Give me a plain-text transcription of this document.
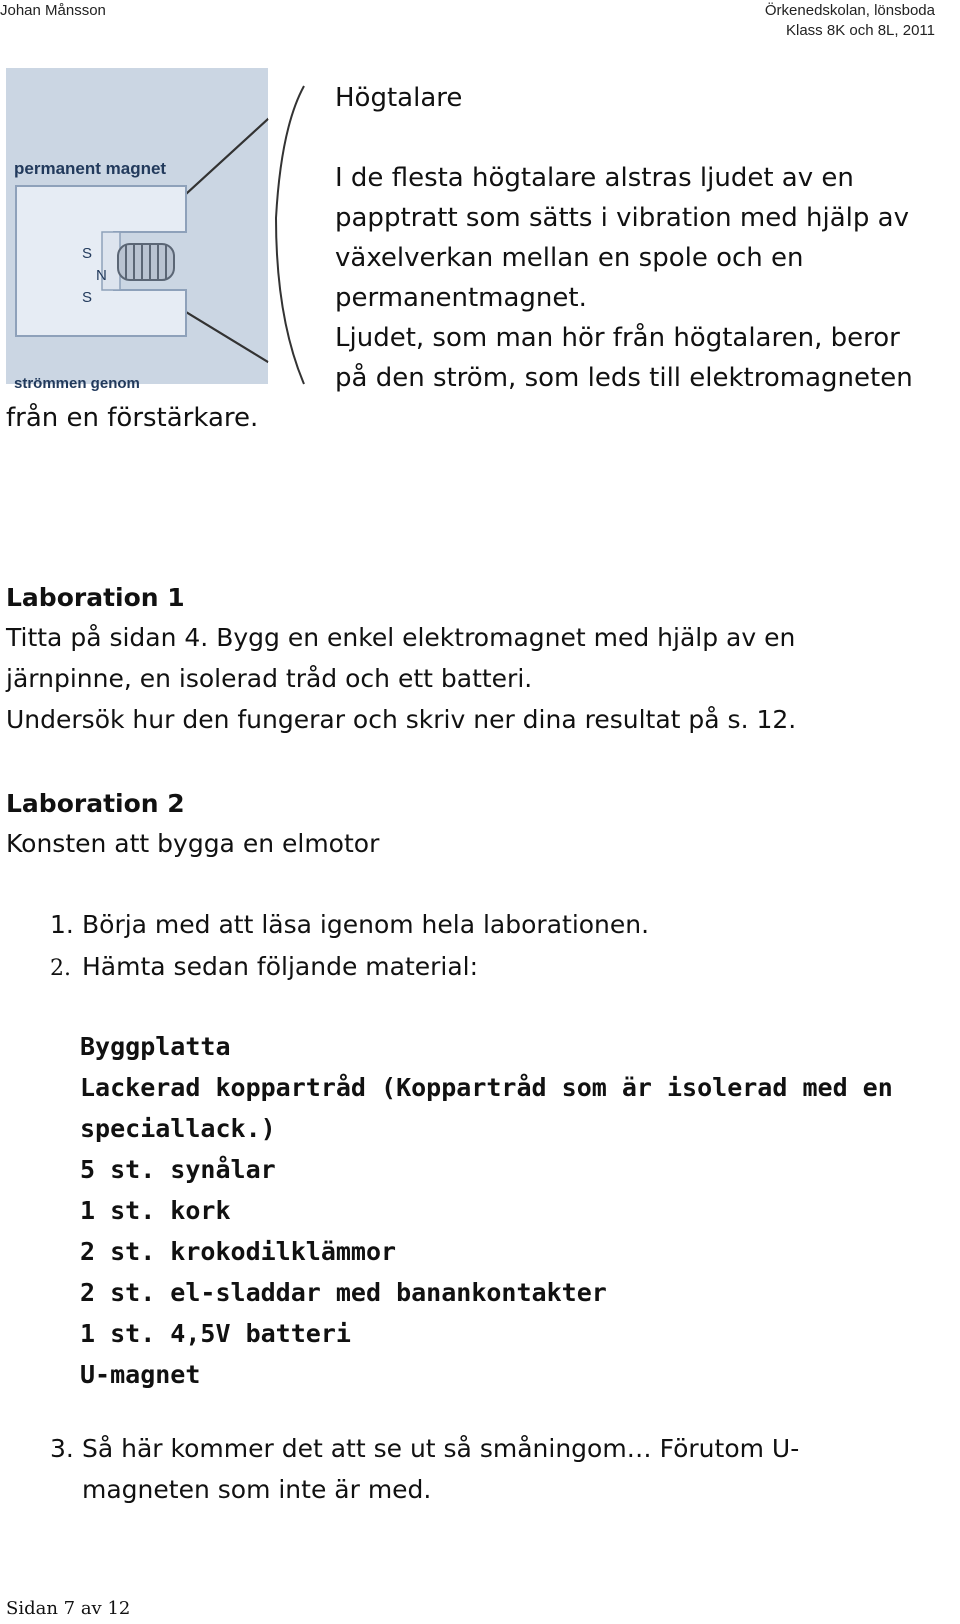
Johan Månsson	Örkenedskolan, lönsboda
Klass 8K och 8L, 2011
permanent magnet
S
N
S
strömmen genom
Högtalare
I de flesta högtalare alstras ljudet av en
papptratt som sätts i vibration med hjälp av
växelverkan mellan en spole och en
permanentmagnet.
Ljudet, som man hör från högtalaren, beror
på den ström, som leds till elektromagneten
från en förstärkare.
Laboration 1
Titta på sidan 4. Bygg en enkel elektromagnet med hjälp av en
järnpinne, en isolerad tråd och ett batteri.
Undersök hur den fungerar och skriv ner dina resultat på s. 12.
Laboration 2
Konsten att bygga en elmotor
1. Börja med att läsa igenom hela laborationen.
2. Hämta sedan följande material:
Byggplatta
Lackerad koppartråd (Koppartråd som är isolerad med en
speciallack.)
5 st. synålar
1 st. kork
2 st. krokodilklämmor
2 st. el-sladdar med banankontakter
1 st. 4,5V batteri
U-magnet
3. Så här kommer det att se ut så småningom… Förutom U-
magneten som inte är med.
Sidan 7 av 12
